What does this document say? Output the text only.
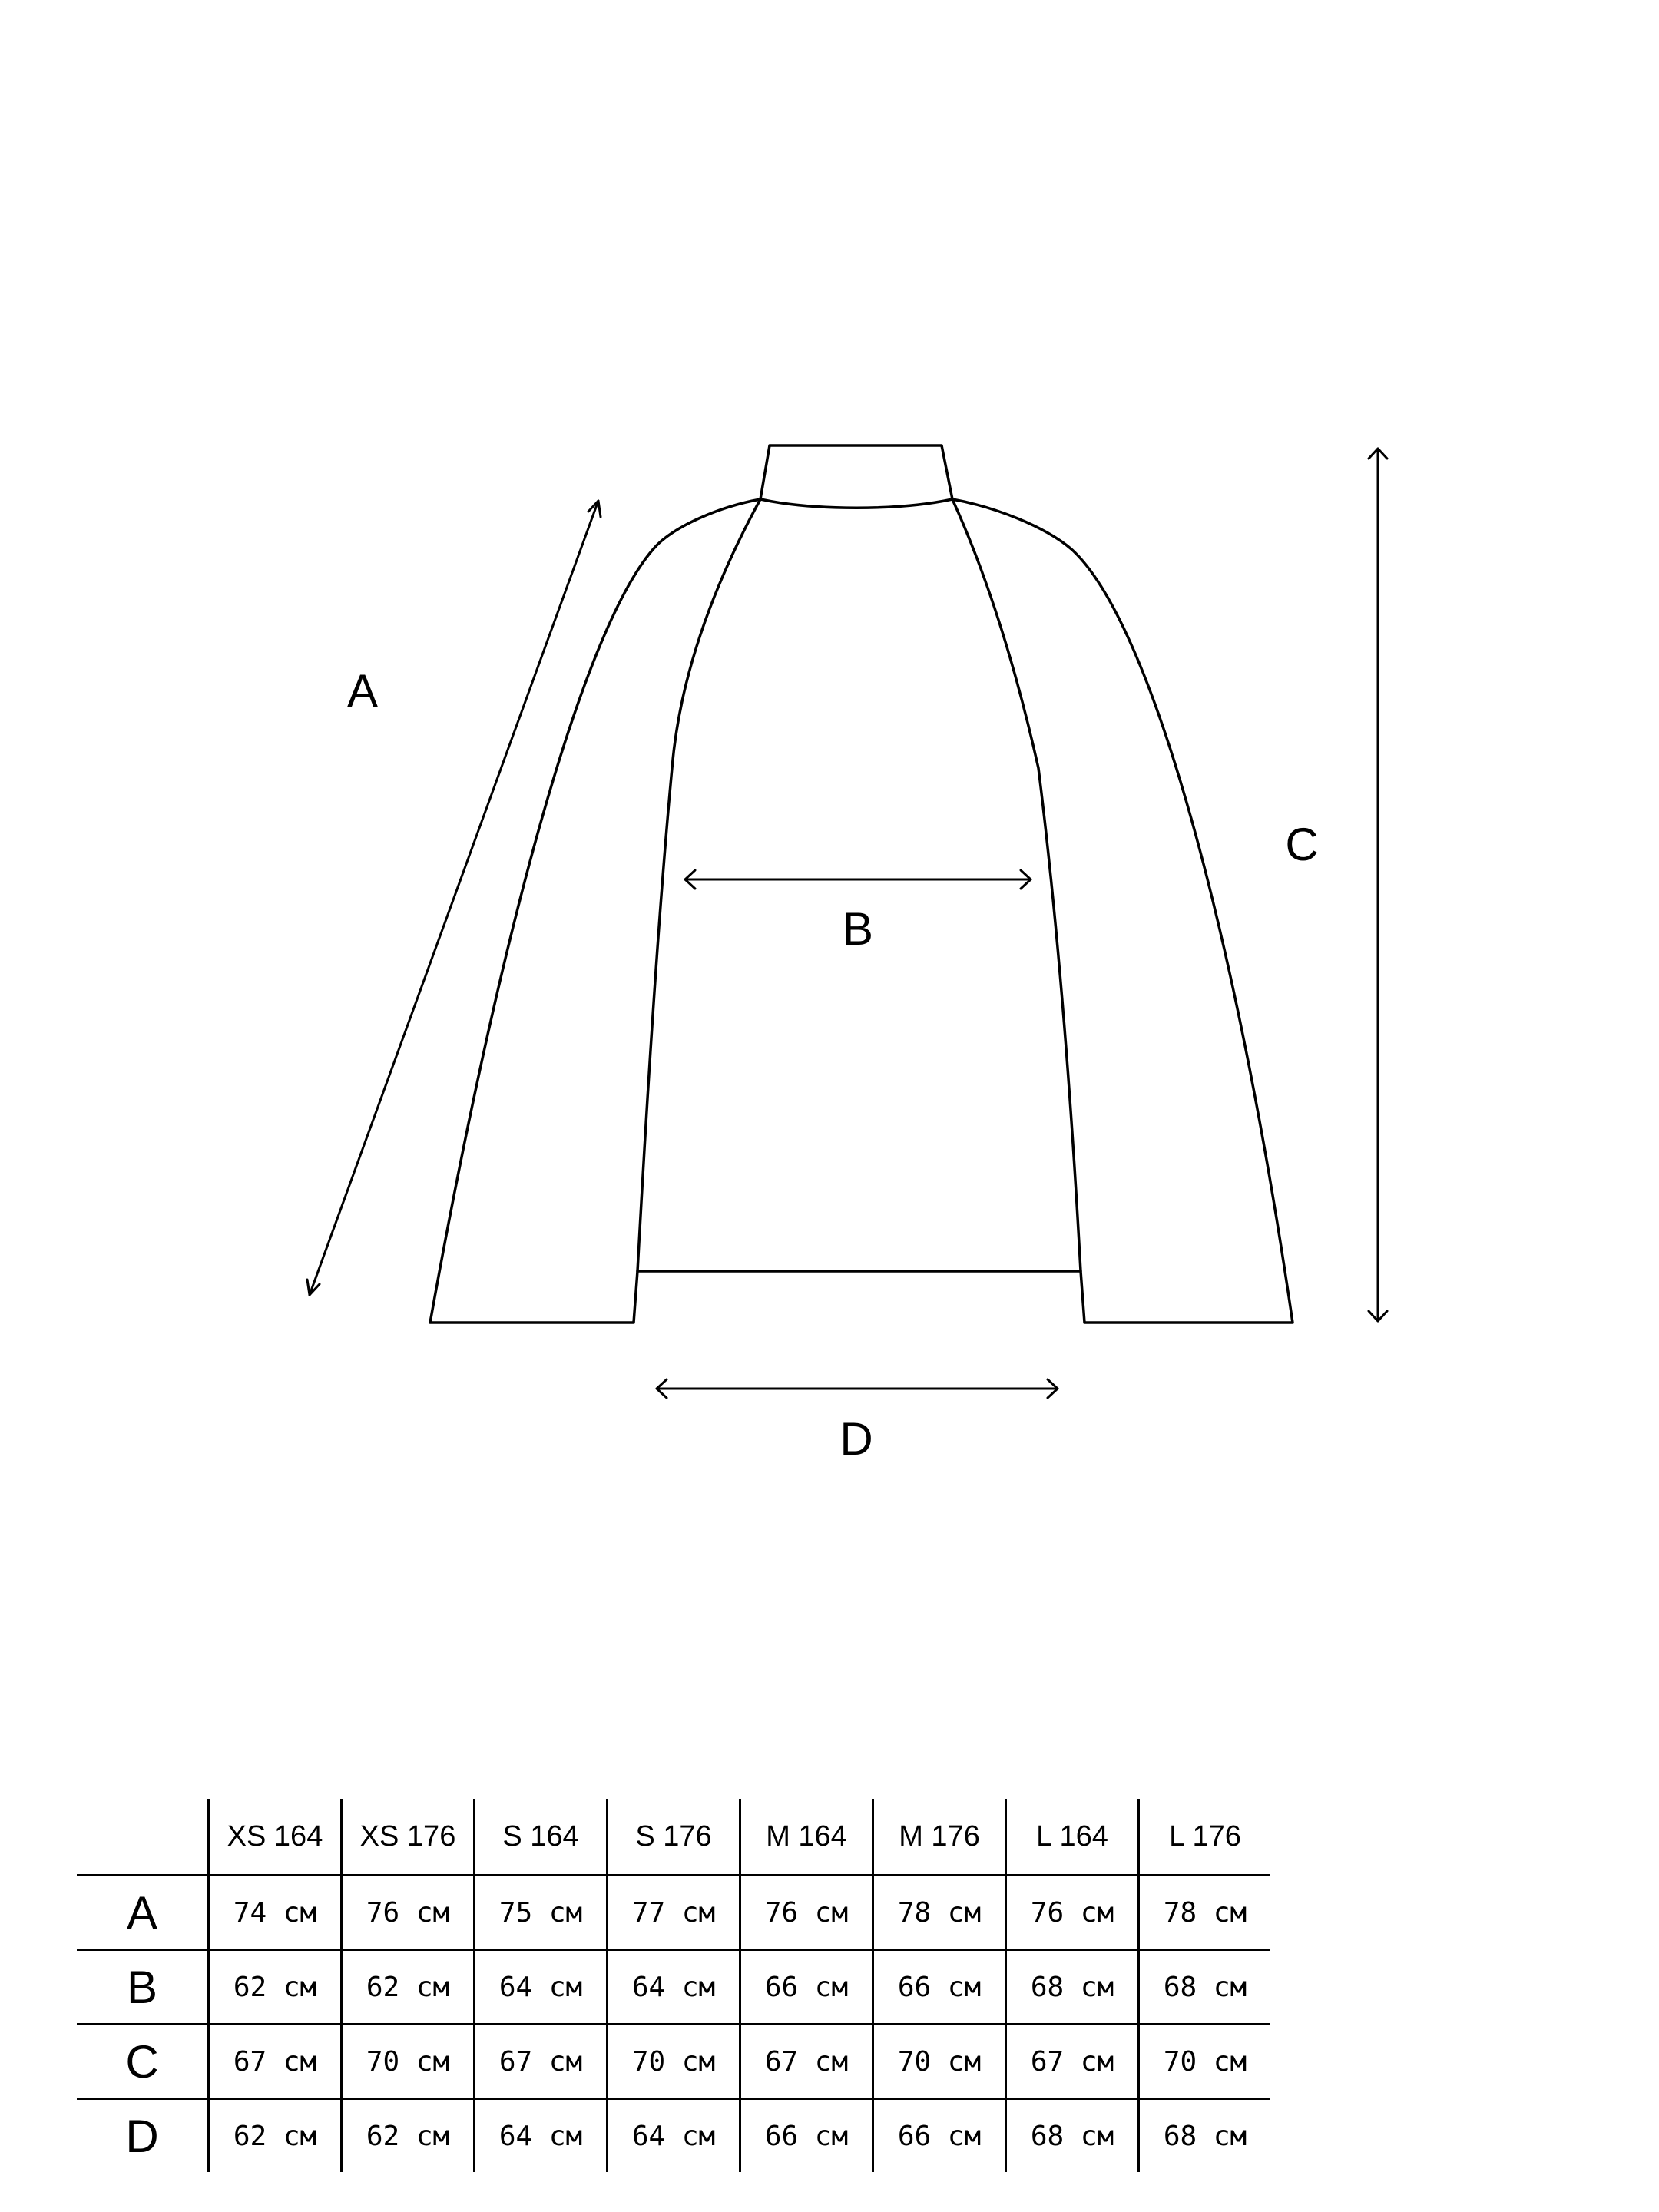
A
B
C
D
	XS 164	XS 176	S 164	S 176	M 164	M 176	L 164	L 176
A	74 см	76 см	75 см	77 см	76 см	78 см	76 см	78 см
B	62 см	62 см	64 см	64 см	66 см	66 см	68 см	68 см
C	67 см	70 см	67 см	70 см	67 см	70 см	67 см	70 см
D	62 см	62 см	64 см	64 см	66 см	66 см	68 см	68 см
